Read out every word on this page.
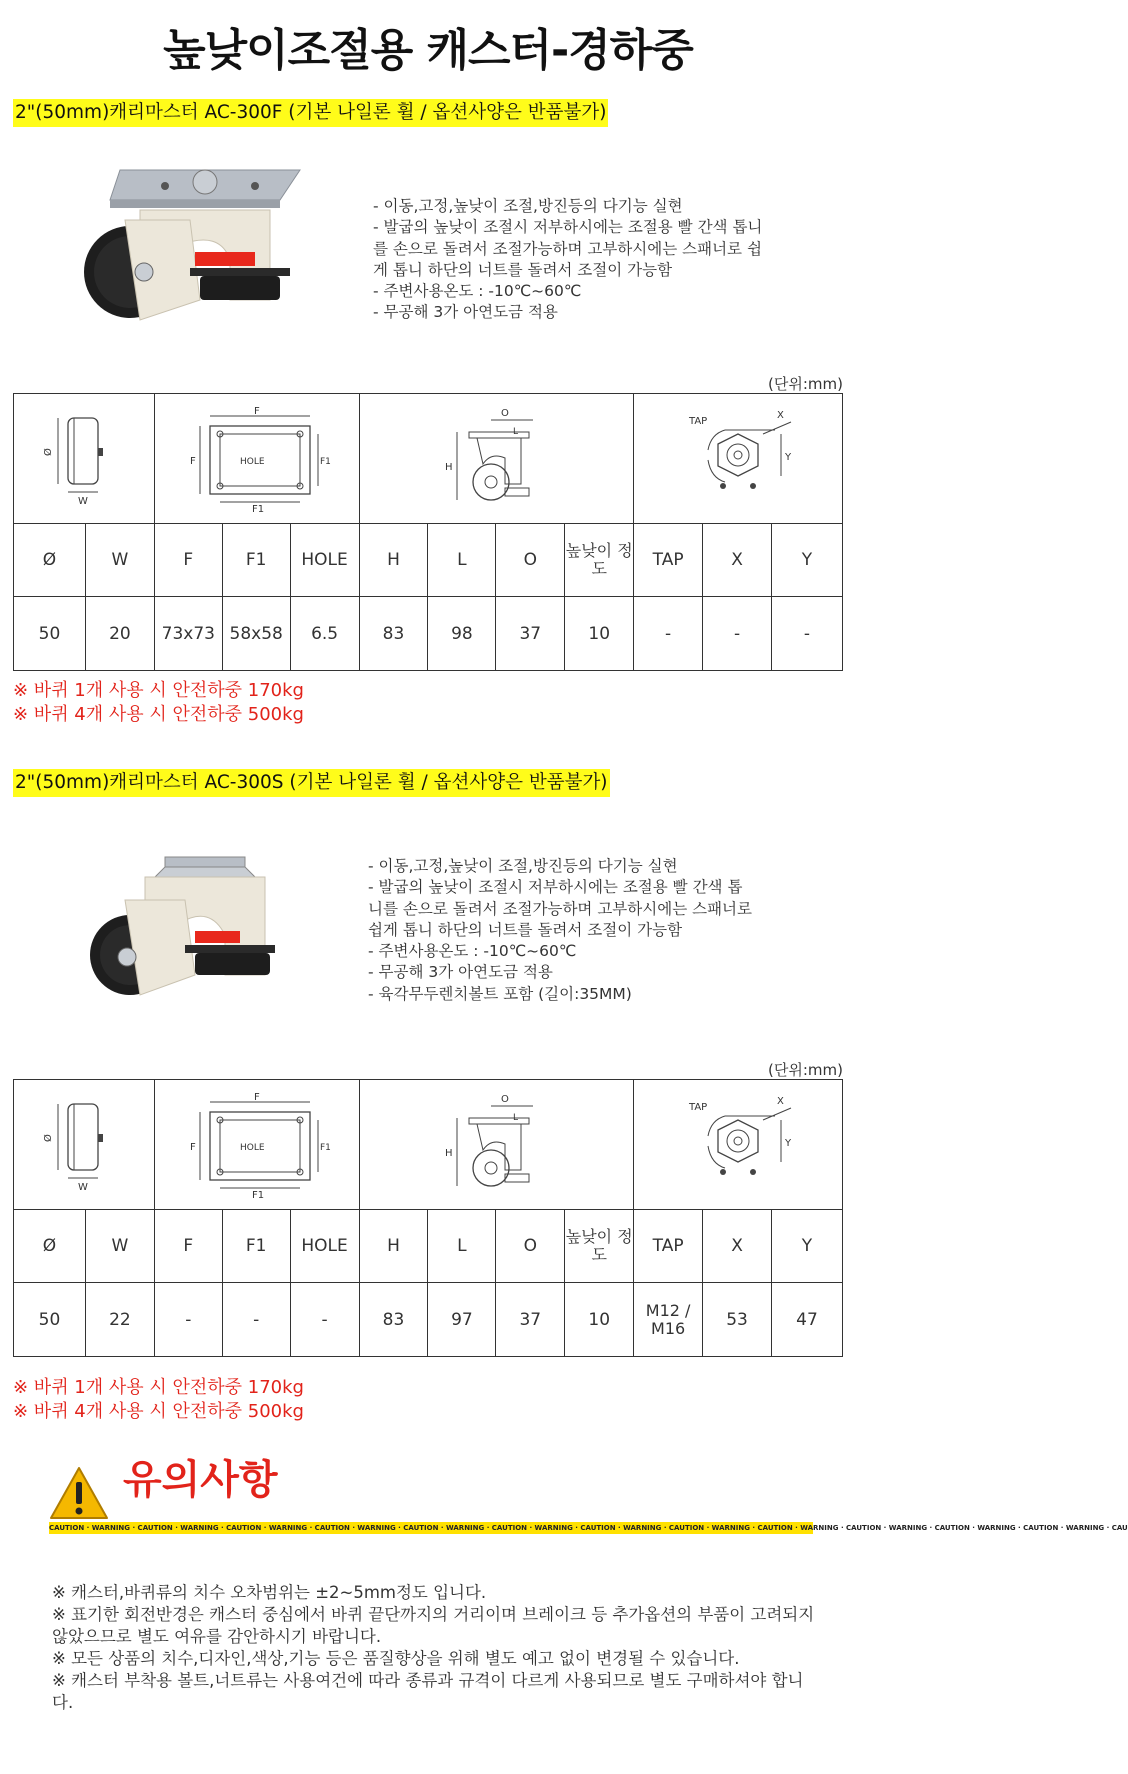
높낮이조절용 캐스터-경하중
2"(50mm)캐리마스터 AC-300F (기본 나일론 휠 / 옵션사양은 반품불가)
- 이동,고정,높낮이 조절,방진등의 다기능 실현
- 발굽의 높낮이 조절시 저부하시에는 조절용 빨 간색 톱니
를 손으로 돌려서 조절가능하며 고부하시에는 스패너로 쉽
게 톱니 하단의 너트를 돌려서 조절이 가능함
- 주변사용온도 : -10℃~60℃
- 무공해 3가 아연도금 적용
(단위:mm)
Ø
W		F
F1
HOLE
F F1			H
O
L				TAP
X
Y		

Ø	W	F	F1	HOLE	H	L	O	높낮이 정도	TAP	X	Y
50	20	73x73	58x58	6.5	83	98	37	10	-	-	-
※ 바퀴 1개 사용 시 안전하중 170kg
※ 바퀴 4개 사용 시 안전하중 500kg
2"(50mm)캐리마스터 AC-300S (기본 나일론 휠 / 옵션사양은 반품불가)
- 이동,고정,높낮이 조절,방진등의 다기능 실현
- 발굽의 높낮이 조절시 저부하시에는 조절용 빨 간색 톱
니를 손으로 돌려서 조절가능하며 고부하시에는 스패너로
쉽게 톱니 하단의 너트를 돌려서 조절이 가능함
- 주변사용온도 : -10℃~60℃
- 무공해 3가 아연도금 적용
- 육각무두렌치볼트 포함 (길이:35MM)
(단위:mm)
Ø
W		F
F1
HOLE
F F1			H
O
L				TAP
X
Y		

Ø	W	F	F1	HOLE	H	L	O	높낮이 정도	TAP	X	Y
50	22	-	-	-	83	97	37	10	M12 / M16	53	47
※ 바퀴 1개 사용 시 안전하중 170kg
※ 바퀴 4개 사용 시 안전하중 500kg
유의사항
CAUTION · WARNING · CAUTION · WARNING · CAUTION · WARNING · CAUTION · WARNING · CAUTION · WARNING · CAUTION · WARNING · CAUTION · WARNING · CAUTION · WARNING · CAUTION · WARNING · CAUTION · WARNING · CAUTION · WARNING · CAUTION · WARNING · CAU
※ 캐스터,바퀴류의 치수 오차범위는 ±2~5mm정도 입니다.
※ 표기한 회전반경은 캐스터 중심에서 바퀴 끝단까지의 거리이며 브레이크 등 추가옵션의 부품이 고려되지 않았으므로 별도 여유를 감안하시기 바랍니다.
※ 모든 상품의 치수,디자인,색상,기능 등은 품질향상을 위해 별도 예고 없이 변경될 수 있습니다.
※ 캐스터 부착용 볼트,너트류는 사용여건에 따라 종류과 규격이 다르게 사용되므로 별도 구매하셔야 합니다.
